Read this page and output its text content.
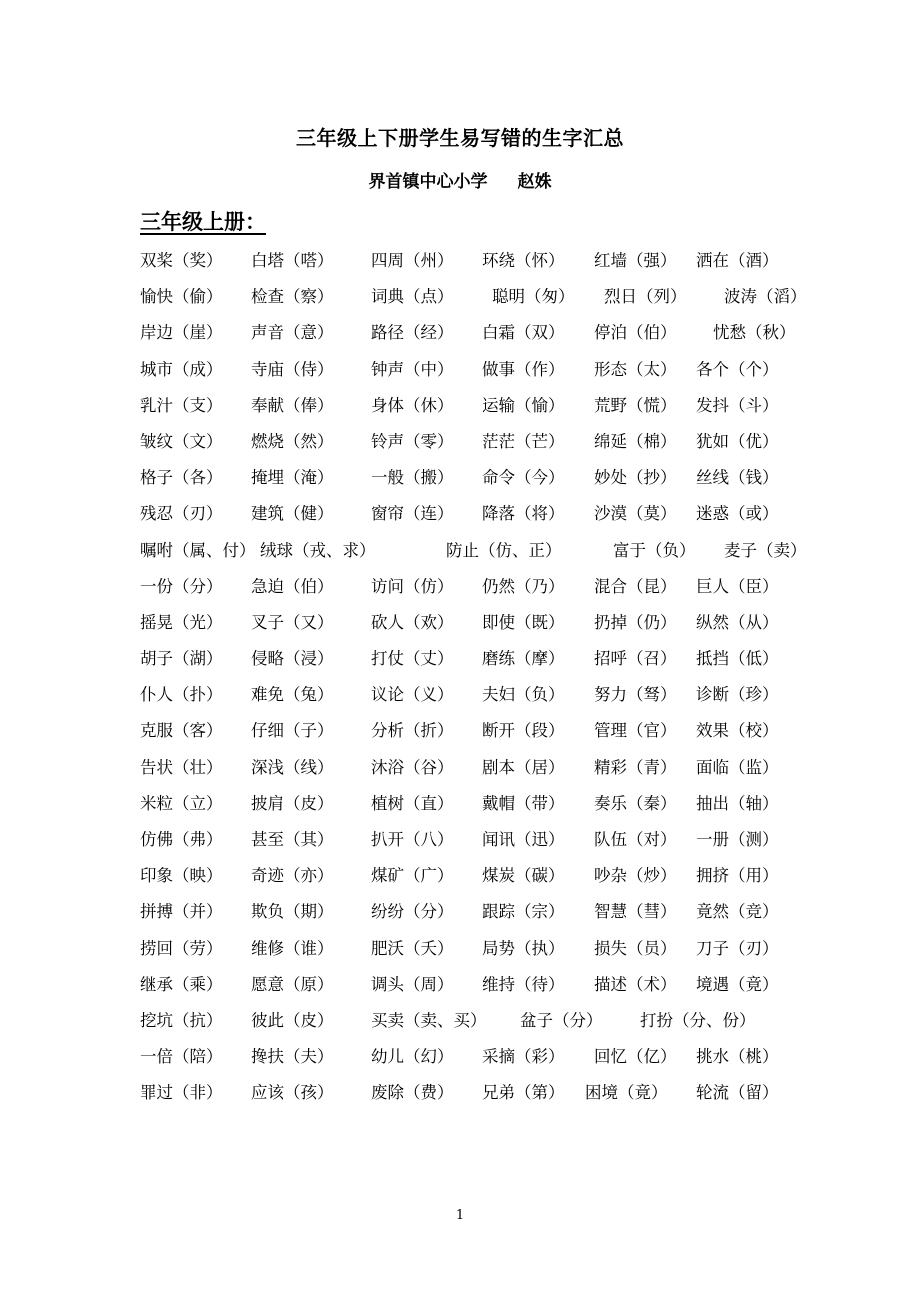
三年级上下册学生易写错的生字汇总
界首镇中心小学 赵姝
三年级上册：
双桨（奖） 白塔（嗒） 四周（州） 环绕（怀） 红墙（强） 洒在（酒）
愉快（偷） 检查（察） 词典（点） 聪明（匆） 烈日（列） 波涛（滔）
岸边（崖） 声音（意） 路径（经） 白霜（双） 停泊（伯） 忧愁（秋）
城市（成） 寺庙（侍） 钟声（中） 做事（作） 形态（太） 各个（个）
乳汁（支） 奉献（俸） 身体（休） 运输（愉） 荒野（慌） 发抖（斗）
皱纹（文） 燃烧（然） 铃声（零） 茫茫（芒） 绵延（棉） 犹如（优）
格子（各） 掩埋（淹） 一般（搬） 命令（今） 妙处（抄） 丝线（钱）
残忍（刃） 建筑（健） 窗帘（连） 降落（将） 沙漠（莫） 迷惑（或）
嘱咐（属、付） 绒球（戎、求）	防止（仿、正）	富于（负） 麦子（卖）
一份（分） 急迫（伯） 访问（仿） 仍然（乃） 混合（昆） 巨人（臣）
摇晃（光） 叉子（又） 砍人（欢） 即使（既） 扔掉（仍） 纵然（从）
胡子（湖） 侵略（浸） 打仗（丈） 磨练（摩） 招呼（召） 抵挡（低）
仆人（扑） 难免（兔） 议论（义） 夫妇（负） 努力（驽） 诊断（珍）
克服（客） 仔细（子） 分析（折） 断开（段） 管理（官） 效果（校）
告状（壮） 深浅（线） 沐浴（谷） 剧本（居） 精彩（青） 面临（监）
米粒（立） 披肩（皮） 植树（直） 戴帽（带） 奏乐（秦） 抽出（轴）
仿佛（弗） 甚至（其） 扒开（八） 闻讯（迅） 队伍（对） 一册（测）
印象（映） 奇迹（亦） 煤矿（广） 煤炭（碳） 吵杂（炒） 拥挤（用）
拼搏（并） 欺负（期） 纷纷（分） 跟踪（宗） 智慧（彗） 竟然（竞）
捞回（劳） 维修（谁） 肥沃（夭） 局势（执） 损失（员） 刀子（刃）
继承（乘） 愿意（原） 调头（周） 维持（待） 描述（术） 境遇（竟）
挖坑（抗） 彼此（皮） 买卖（卖、买） 盆子（分） 打扮（分、份）
一倍（陪） 搀扶（夫） 幼儿（幻） 采摘（彩） 回忆（亿） 挑水（桃）
罪过（非） 应该（孩） 废除（费） 兄弟（第） 困境（竟） 轮流（留）
1
